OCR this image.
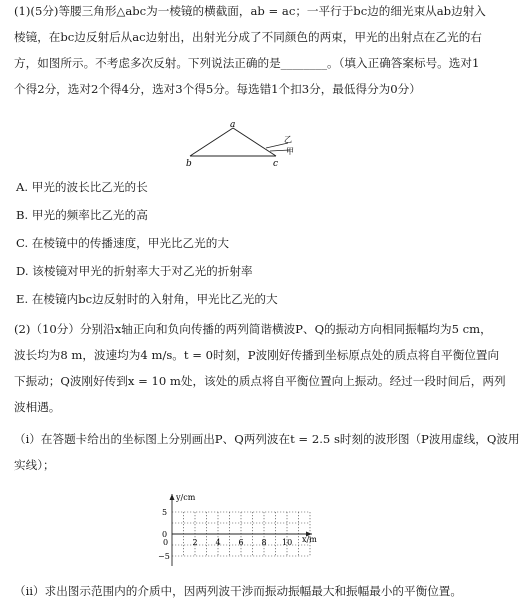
(1)(5分)等腰三角形△abc为一棱镜的横截面，ab = ac；一平行于bc边的细光束从ab边射入
棱镜，在bc边反射后从ac边射出，出射光分成了不同颜色的两束，甲光的出射点在乙光的右
方，如图所示。不考虑多次反射。下列说法正确的是________。（填入正确答案标号。选对1
个得2分，选对2个得4分，选对3个得5分。每选错1个扣3分，最低得分为0分）
a
b	c
乙
甲
A. 甲光的波长比乙光的长
B. 甲光的频率比乙光的高
C. 在棱镜中的传播速度，甲光比乙光的大
D. 该棱镜对甲光的折射率大于对乙光的折射率
E. 在棱镜内bc边反射时的入射角，甲光比乙光的大
(2)（10分）分别沿x轴正向和负向传播的两列简谐横波P、Q的振动方向相同振幅均为5 cm，
波长均为8 m，波速均为4 m/s。t = 0时刻，P波刚好传播到坐标原点处的质点将自平衡位置向
下振动；Q波刚好传到x = 10 m处，该处的质点将自平衡位置向上振动。经过一段时间后，两列
波相遇。
（ⅰ）在答题卡给出的坐标图上分别画出P、Q两列波在t = 2.5 s时刻的波形图（P波用虚线，Q波用
实线）；
y/cm
x/m
5
0
−5
2 4 6 8 10
0
（ⅱ）求出图示范围内的介质中，因两列波干涉而振动振幅最大和振幅最小的平衡位置。
